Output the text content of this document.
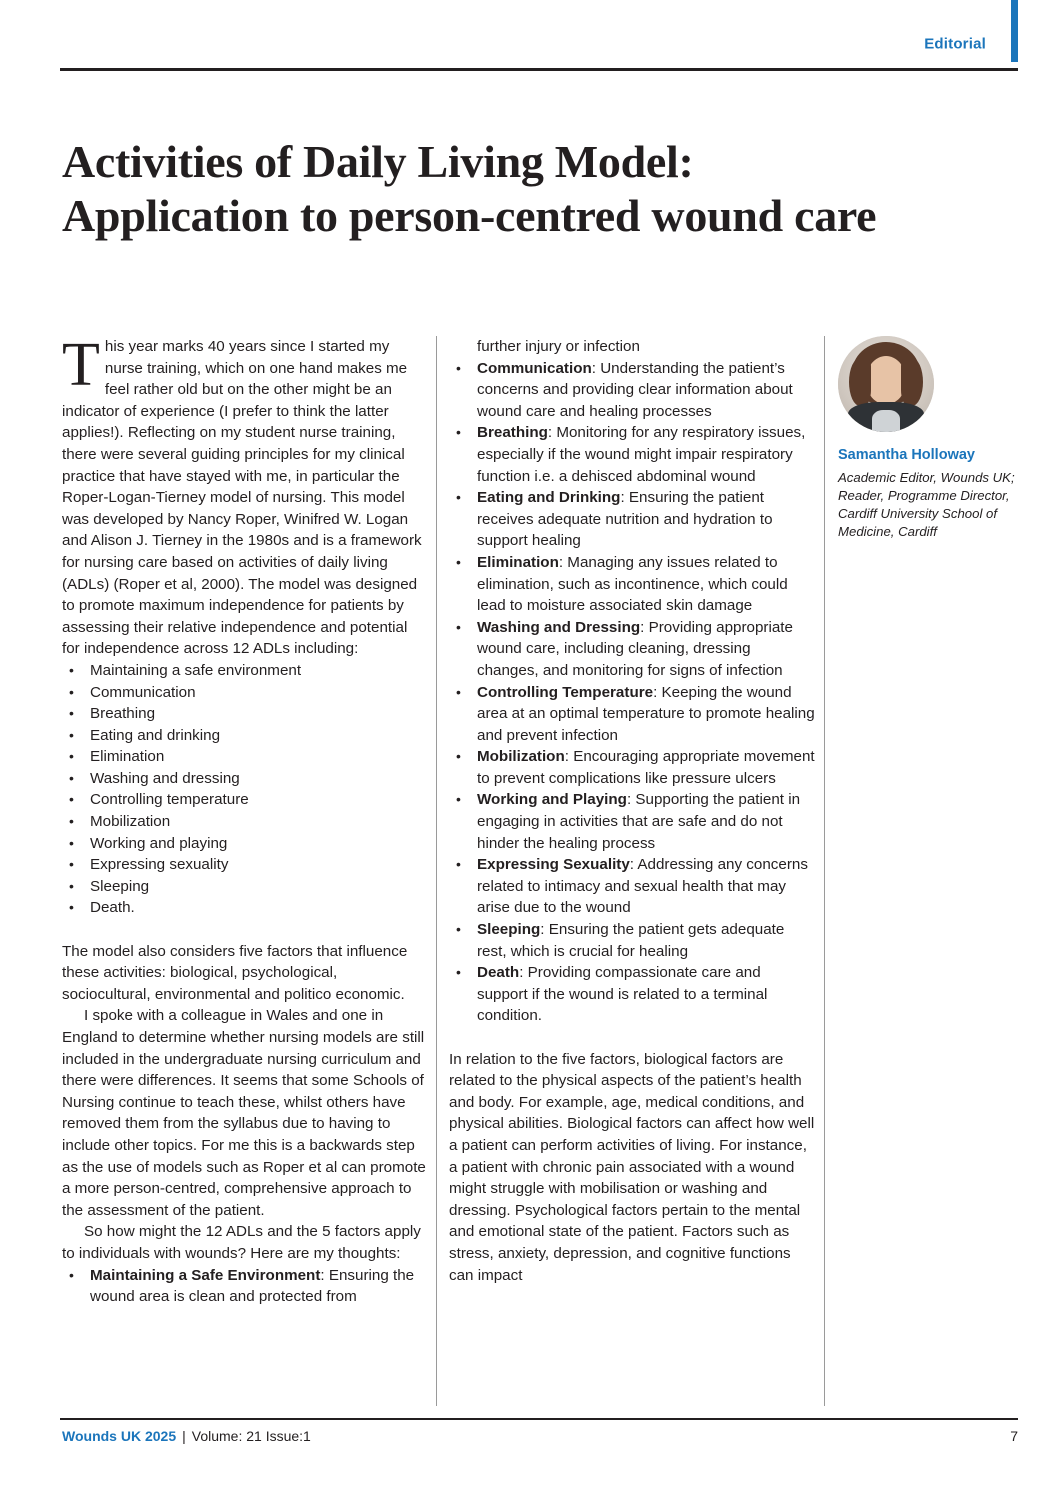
Editorial
Activities of Daily Living Model: Application to person-centred wound care

This year marks 40 years since I started my nurse training, which on one hand makes me feel rather old but on the other might be an indicator of experience (I prefer to think the latter applies!). Reflecting on my student nurse training, there were several guiding principles for my clinical practice that have stayed with me, in particular the Roper-Logan-Tierney model of nursing. This model was developed by Nancy Roper, Winifred W. Logan and Alison J. Tierney in the 1980s and is a framework for nursing care based on activities of daily living (ADLs) (Roper et al, 2000). The model was designed to promote maximum independence for patients by assessing their relative independence and potential for independence across 12 ADLs including:

• Maintaining a safe environment
• Communication
• Breathing
• Eating and drinking
• Elimination
• Washing and dressing
• Controlling temperature
• Mobilization
• Working and playing
• Expressing sexuality
• Sleeping
• Death.

The model also considers five factors that influence these activities: biological, psychological, sociocultural, environmental and politico economic.

I spoke with a colleague in Wales and one in England to determine whether nursing models are still included in the undergraduate nursing curriculum and there were differences. It seems that some Schools of Nursing continue to teach these, whilst others have removed them from the syllabus due to having to include other topics. For me this is a backwards step as the use of models such as Roper et al can promote a more person-centred, comprehensive approach to the assessment of the patient.

So how might the 12 ADLs and the 5 factors apply to individuals with wounds? Here are my thoughts:

• Maintaining a Safe Environment: Ensuring the wound area is clean and protected from

further injury or infection

• Communication: Understanding the patient’s concerns and providing clear information about wound care and healing processes
• Breathing: Monitoring for any respiratory issues, especially if the wound might impair respiratory function i.e. a dehisced abdominal wound
• Eating and Drinking: Ensuring the patient receives adequate nutrition and hydration to support healing
• Elimination: Managing any issues related to elimination, such as incontinence, which could lead to moisture associated skin damage
• Washing and Dressing: Providing appropriate wound care, including cleaning, dressing changes, and monitoring for signs of infection
• Controlling Temperature: Keeping the wound area at an optimal temperature to promote healing and prevent infection
• Mobilization: Encouraging appropriate movement to prevent complications like pressure ulcers
• Working and Playing: Supporting the patient in engaging in activities that are safe and do not hinder the healing process
• Expressing Sexuality: Addressing any concerns related to intimacy and sexual health that may arise due to the wound
• Sleeping: Ensuring the patient gets adequate rest, which is crucial for healing
• Death: Providing compassionate care and support if the wound is related to a terminal condition.

In relation to the five factors, biological factors are related to the physical aspects of the patient’s health and body. For example, age, medical conditions, and physical abilities. Biological factors can affect how well a patient can perform activities of living. For instance, a patient with chronic pain associated with a wound might struggle with mobilisation or washing and dressing. Psychological factors pertain to the mental and emotional state of the patient. Factors such as stress, anxiety, depression, and cognitive functions can impact

Samantha Holloway
Academic Editor, Wounds UK; Reader, Programme Director, Cardiff University School of Medicine, Cardiff
Wounds UK 2025 | Volume: 21 Issue:1	7
